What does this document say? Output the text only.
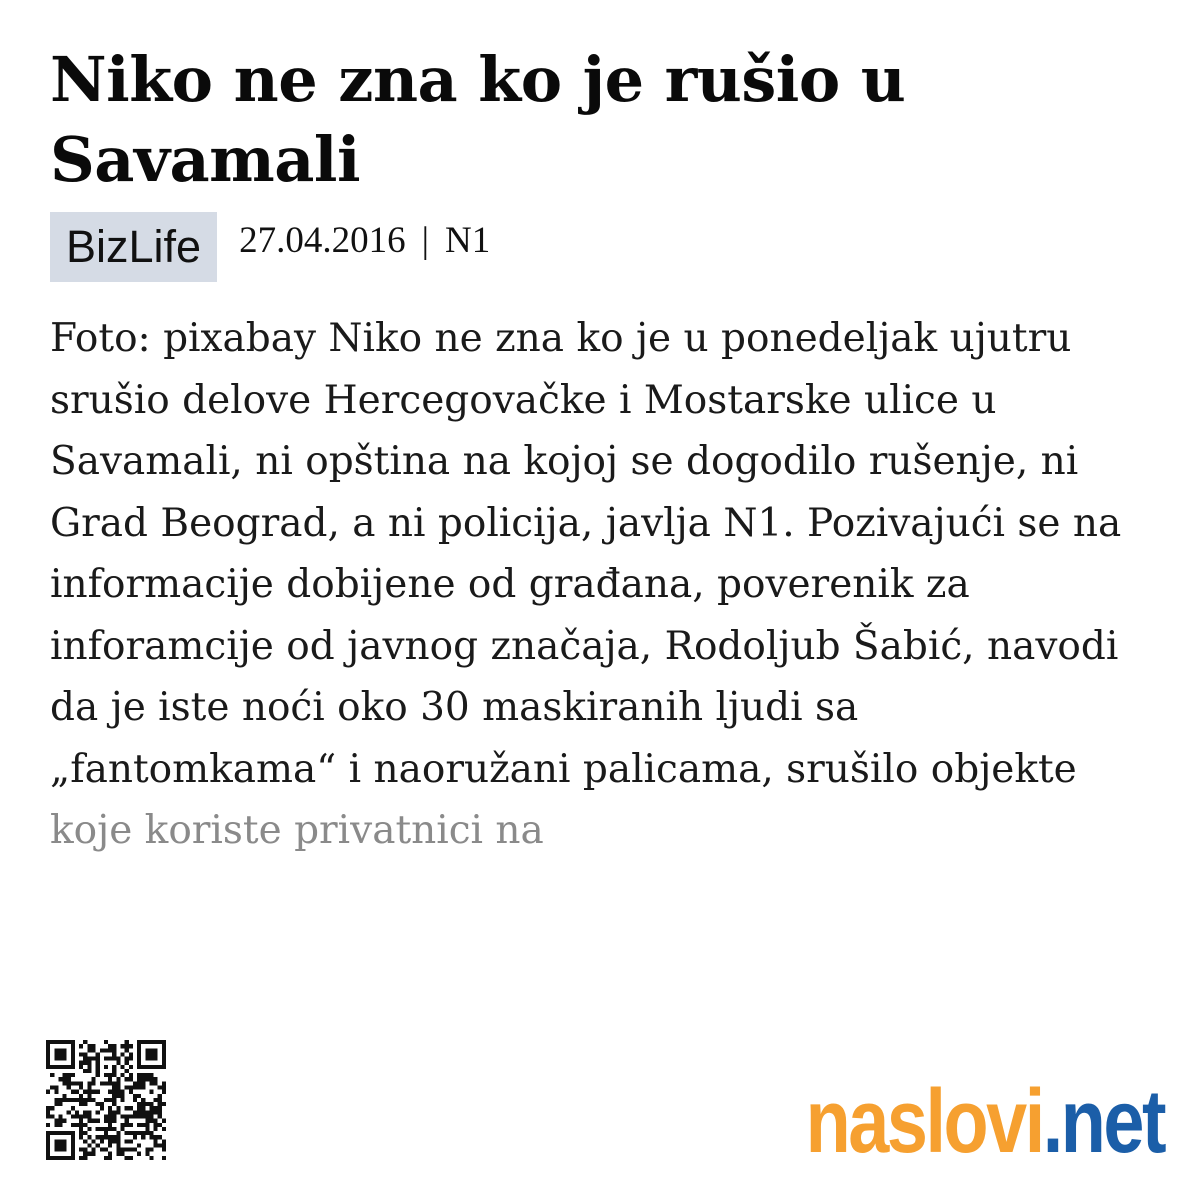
Niko ne zna ko je rušio u Savamali
BizLife	27.04.2016 | N1

Foto: pixabay Niko ne zna ko je u ponedeljak ujutru srušio delove Hercegovačke i Mostarske ulice u Savamali, ni opština na kojoj se dogodilo rušenje, ni Grad Beograd, a ni policija, javlja N1. Pozivajući se na informacije dobijene od građana, poverenik za inforamcije od javnog značaja, Rodoljub Šabić, navodi da je iste noći oko 30 maskiranih ljudi sa „fantomkama“ i naoružani palicama, srušilo objekte koje koriste privatnici na

naslovi .net
